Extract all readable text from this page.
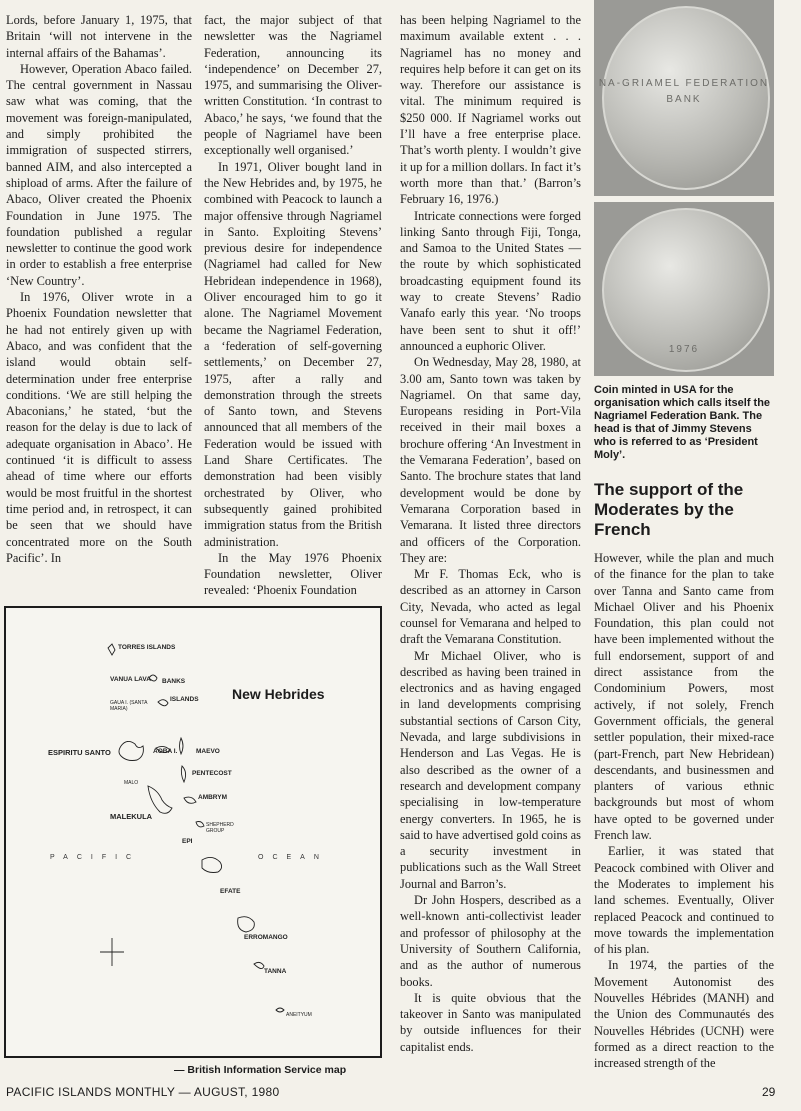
Lords, before January 1, 1975, that Britain ‘will not intervene in the internal affairs of the Bahamas’.

However, Operation Abaco failed. The central government in Nassau saw what was coming, that the movement was foreign-manipulated, and simply prohibited the immigration of suspected stirrers, banned AIM, and also intercepted a shipload of arms. After the failure of Abaco, Oliver created the Phoenix Foundation in June 1975. The foundation published a regular newsletter to continue the good work in order to establish a free enterprise ‘New Country’.

In 1976, Oliver wrote in a Phoenix Foundation newsletter that he had not entirely given up with Abaco, and was confident that the island would obtain self-determination under free enterprise conditions. ‘We are still helping the Abaconians,’ he stated, ‘but the reason for the delay is due to lack of adequate organisation in Abaco’. He continued ‘it is difficult to assess ahead of time where our efforts would be most fruitful in the shortest time period and, in retrospect, it can be seen that we should have concentrated more on the South Pacific’. In

fact, the major subject of that newsletter was the Nagriamel Federation, announcing its ‘independence’ on December 27, 1975, and summarising the Oliver-written Constitution. ‘In contrast to Abaco,’ he says, ‘we found that the people of Nagriamel have been exceptionally well organised.’

In 1971, Oliver bought land in the New Hebrides and, by 1975, he combined with Peacock to launch a major offensive through Nagriamel in Santo. Exploiting Stevens’ previous desire for independence (Nagriamel had called for New Hebridean independence in 1968), Oliver encouraged him to go it alone. The Nagriamel Movement became the Nagriamel Federation, a ‘federation of self-governing settlements,’ on December 27, 1975, after a rally and demonstration through the streets of Santo town, and Stevens announced that all members of the Federation would be issued with Land Share Certificates. The demonstration had been visibly orchestrated by Oliver, who subsequently gained prohibited immigration status from the British administration.

In the May 1976 Phoenix Foundation newsletter, Oliver revealed: ‘Phoenix Foundation

has been helping Nagriamel to the maximum available extent . . . Nagriamel has no money and requires help before it can get on its way. Therefore our assistance is vital. The minimum required is $250 000. If Nagriamel works out I’ll have a free enterprise place. That’s worth plenty. I wouldn’t give it up for a million dollars. In fact it’s worth more than that.’ (Barron’s February 16, 1976.)

Intricate connections were forged linking Santo through Fiji, Tonga, and Samoa to the United States — the route by which sophisticated broadcasting equipment found its way to create Stevens’ Radio Vanafo early this year. ‘No troops have been sent to shut it off!’ announced a euphoric Oliver.

On Wednesday, May 28, 1980, at 3.00 am, Santo town was taken by Nagriamel. On that same day, Europeans residing in Port-Vila received in their mail boxes a brochure offering ‘An Investment in the Vemarana Federation’, based on Santo. The brochure states that land development would be done by Vemarana Corporation based in Vemarana. It listed three directors and officers of the Corporation. They are:

Mr F. Thomas Eck, who is described as an attorney in Carson City, Nevada, who acted as legal counsel for Vemarana and helped to draft the Vemarana Constitution.

Mr Michael Oliver, who is described as having been trained in electronics and as having engaged in land developments comprising substantial sections of Carson City, Nevada, and large subdivisions in Henderson and Las Vegas. He is also described as the owner of a research and development company specialising in low-temperature energy converters. In 1965, he is said to have advertised gold coins as a security investment in publications such as the Wall Street Journal and Barron’s.

Dr John Hospers, described as a well-known anti-collectivist leader and professor of philosophy at the University of Southern California, and as the author of numerous books.

It is quite obvious that the takeover in Santo was manipulated by outside influences for their capitalist ends.

NA-GRIAMEL FEDERATION BANK
1976
Coin minted in USA for the organisation which calls itself the Nagriamel Federation Bank. The head is that of Jimmy Stevens who is referred to as ‘President Moly’.
The support of the Moderates by the French

However, while the plan and much of the finance for the plan to take over Tanna and Santo came from Michael Oliver and his Phoenix Foundation, this plan could not have been implemented without the full endorsement, support of and direct assistance from the Condominium Powers, most actively, if not solely, French Government officials, the general settler population, their mixed-race (part-French, part New Hebridean) descendants, and businessmen and planters of various ethnic backgrounds but most of whom have opted to be governed under French law.

Earlier, it was stated that Peacock combined with Oliver and the Moderates to implement his land schemes. Eventually, Oliver replaced Peacock and continued to move towards the implementation of his plan.

In 1974, the parties of the Movement Autonomist des Nouvelles Hébrides (MANH) and the Union des Communautés des Nouvelles Hébrides (UCNH) were formed as a direct reaction to the increased strength of the

New Hebrides
TORRES ISLANDS
VANUA LAVA BANKS
ISLANDS
GAUA I. (SANTA MARIA)
ESPIRITU SANTO	AOBA I.	MAEVO
PENTECOST
MALO
AMBRYM
MALEKULA
SHEPHERD GROUP
EPI
PACIFIC	OCEAN
EFATE
ERROMANGO
TANNA
ANEITYUM
— British Information Service map
PACIFIC ISLANDS MONTHLY — AUGUST, 1980	29
